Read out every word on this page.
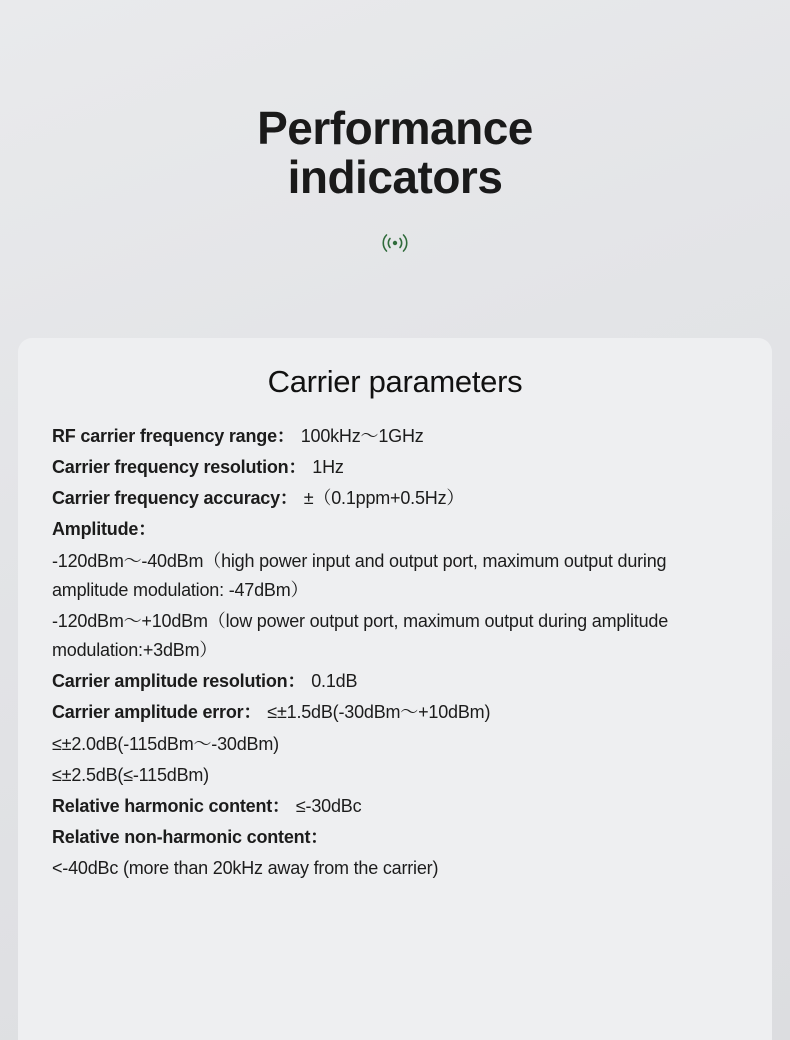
Performance
indicators
Carrier parameters
RF carrier frequency range： 100kHz〜1GHz
Carrier frequency resolution： 1Hz
Carrier frequency accuracy： ±（0.1ppm+0.5Hz）
Amplitude：
-120dBm〜-40dBm（high power input and output port, maximum output during amplitude modulation: -47dBm）
-120dBm〜+10dBm（low power output port, maximum output during amplitude modulation:+3dBm）
Carrier amplitude resolution： 0.1dB
Carrier amplitude error： ≤±1.5dB(-30dBm〜+10dBm)
≤±2.0dB(-115dBm〜-30dBm)
≤±2.5dB(≤-115dBm)
Relative harmonic content： ≤-30dBc
Relative non-harmonic content：
<-40dBc (more than 20kHz away from the carrier)
